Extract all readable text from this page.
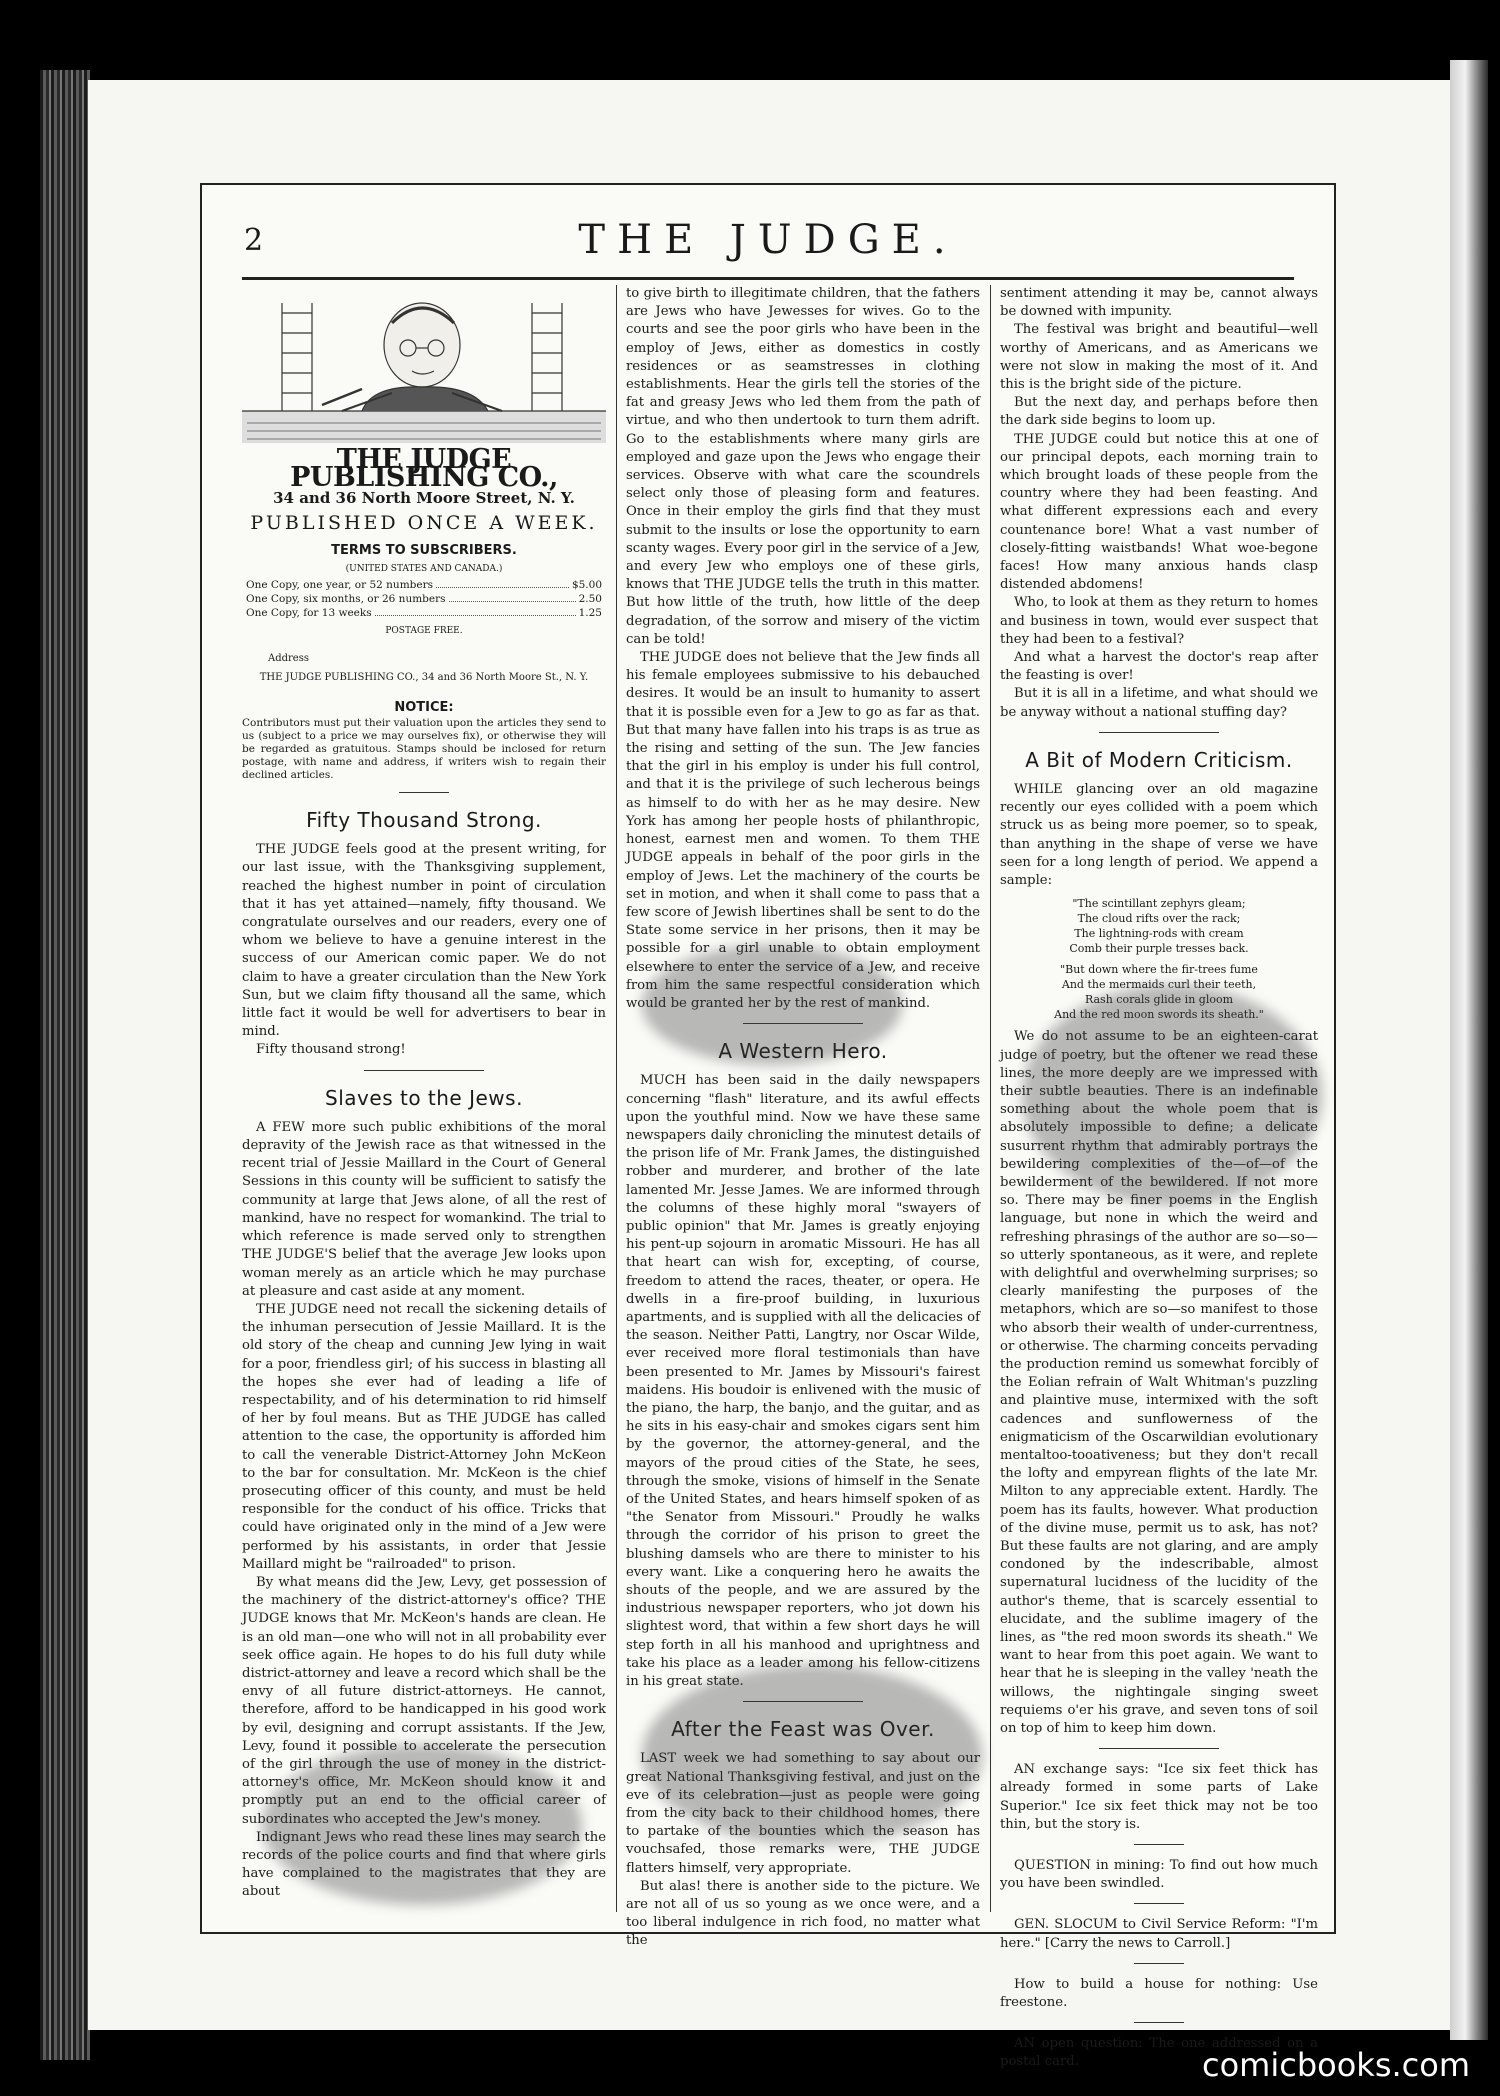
2	THE JUDGE.
THE JUDGE PUBLISHING CO.,
34 and 36 North Moore Street, N. Y.
PUBLISHED ONCE A WEEK.
TERMS TO SUBSCRIBERS.
(UNITED STATES AND CANADA.)
One Copy, one year, or 52 numbers	$5.00
One Copy, six months, or 26 numbers	2.50
One Copy, for 13 weeks	1.25
POSTAGE FREE.
Address
THE JUDGE PUBLISHING CO., 34 and 36 North Moore St., N. Y.
NOTICE:
Contributors must put their valuation upon the articles they send to us (subject to a price we may ourselves fix), or otherwise they will be regarded as gratuitous. Stamps should be inclosed for return postage, with name and address, if writers wish to regain their declined articles.
Fifty Thousand Strong.

THE JUDGE feels good at the present writing, for our last issue, with the Thanksgiving supplement, reached the highest number in point of circulation that it has yet attained—namely, fifty thousand. We congratulate ourselves and our readers, every one of whom we believe to have a genuine interest in the success of our American comic paper. We do not claim to have a greater circulation than the New York Sun, but we claim fifty thousand all the same, which little fact it would be well for advertisers to bear in mind.

Fifty thousand strong!

Slaves to the Jews.

A FEW more such public exhibitions of the moral depravity of the Jewish race as that witnessed in the recent trial of Jessie Maillard in the Court of General Sessions in this county will be sufficient to satisfy the community at large that Jews alone, of all the rest of mankind, have no respect for womankind. The trial to which reference is made served only to strengthen THE JUDGE'S belief that the average Jew looks upon woman merely as an article which he may purchase at pleasure and cast aside at any moment.

THE JUDGE need not recall the sickening details of the inhuman persecution of Jessie Maillard. It is the old story of the cheap and cunning Jew lying in wait for a poor, friendless girl; of his success in blasting all the hopes she ever had of leading a life of respectability, and of his determination to rid himself of her by foul means. But as THE JUDGE has called attention to the case, the opportunity is afforded him to call the venerable District-Attorney John McKeon to the bar for consultation. Mr. McKeon is the chief prosecuting officer of this county, and must be held responsible for the conduct of his office. Tricks that could have originated only in the mind of a Jew were performed by his assistants, in order that Jessie Maillard might be "railroaded" to prison.

By what means did the Jew, Levy, get possession of the machinery of the district-attorney's office? THE JUDGE knows that Mr. McKeon's hands are clean. He is an old man—one who will not in all probability ever seek office again. He hopes to do his full duty while district-attorney and leave a record which shall be the envy of all future district-attorneys. He cannot, therefore, afford to be handicapped in his good work by evil, designing and corrupt assistants. If the Jew, Levy, found it possible to accelerate the persecution of the girl through the use of money in the district-attorney's office, Mr. McKeon should know it and promptly put an end to the official career of subordinates who accepted the Jew's money.

Indignant Jews who read these lines may search the records of the police courts and find that where girls have complained to the magistrates that they are about

to give birth to illegitimate children, that the fathers are Jews who have Jewesses for wives. Go to the courts and see the poor girls who have been in the employ of Jews, either as domestics in costly residences or as seamstresses in clothing establishments. Hear the girls tell the stories of the fat and greasy Jews who led them from the path of virtue, and who then undertook to turn them adrift. Go to the establishments where many girls are employed and gaze upon the Jews who engage their services. Observe with what care the scoundrels select only those of pleasing form and features. Once in their employ the girls find that they must submit to the insults or lose the opportunity to earn scanty wages. Every poor girl in the service of a Jew, and every Jew who employs one of these girls, knows that THE JUDGE tells the truth in this matter. But how little of the truth, how little of the deep degradation, of the sorrow and misery of the victim can be told!

THE JUDGE does not believe that the Jew finds all his female employees submissive to his debauched desires. It would be an insult to humanity to assert that it is possible even for a Jew to go as far as that. But that many have fallen into his traps is as true as the rising and setting of the sun. The Jew fancies that the girl in his employ is under his full control, and that it is the privilege of such lecherous beings as himself to do with her as he may desire. New York has among her people hosts of philanthropic, honest, earnest men and women. To them THE JUDGE appeals in behalf of the poor girls in the employ of Jews. Let the machinery of the courts be set in motion, and when it shall come to pass that a few score of Jewish libertines shall be sent to do the State some service in her prisons, then it may be possible for a girl unable to obtain employment elsewhere to enter the service of a Jew, and receive from him the same respectful consideration which would be granted her by the rest of mankind.

A Western Hero.

MUCH has been said in the daily newspapers concerning "flash" literature, and its awful effects upon the youthful mind. Now we have these same newspapers daily chronicling the minutest details of the prison life of Mr. Frank James, the distinguished robber and murderer, and brother of the late lamented Mr. Jesse James. We are informed through the columns of these highly moral "swayers of public opinion" that Mr. James is greatly enjoying his pent-up sojourn in aromatic Missouri. He has all that heart can wish for, excepting, of course, freedom to attend the races, theater, or opera. He dwells in a fire-proof building, in luxurious apartments, and is supplied with all the delicacies of the season. Neither Patti, Langtry, nor Oscar Wilde, ever received more floral testimonials than have been presented to Mr. James by Missouri's fairest maidens. His boudoir is enlivened with the music of the piano, the harp, the banjo, and the guitar, and as he sits in his easy-chair and smokes cigars sent him by the governor, the attorney-general, and the mayors of the proud cities of the State, he sees, through the smoke, visions of himself in the Senate of the United States, and hears himself spoken of as "the Senator from Missouri." Proudly he walks through the corridor of his prison to greet the blushing damsels who are there to minister to his every want. Like a conquering hero he awaits the shouts of the people, and we are assured by the industrious newspaper reporters, who jot down his slightest word, that within a few short days he will step forth in all his manhood and uprightness and take his place as a leader among his fellow-citizens in his great state.

After the Feast was Over.

LAST week we had something to say about our great National Thanksgiving festival, and just on the eve of its celebration—just as people were going from the city back to their childhood homes, there to partake of the bounties which the season has vouchsafed, those remarks were, THE JUDGE flatters himself, very appropriate.

But alas! there is another side to the picture. We are not all of us so young as we once were, and a too liberal indulgence in rich food, no matter what the

sentiment attending it may be, cannot always be downed with impunity.

The festival was bright and beautiful—well worthy of Americans, and as Americans we were not slow in making the most of it. And this is the bright side of the picture.

But the next day, and perhaps before then the dark side begins to loom up.

THE JUDGE could but notice this at one of our principal depots, each morning train to which brought loads of these people from the country where they had been feasting. And what different expressions each and every countenance bore! What a vast number of closely-fitting waistbands! What woe-begone faces! How many anxious hands clasp distended abdomens!

Who, to look at them as they return to homes and business in town, would ever suspect that they had been to a festival?

And what a harvest the doctor's reap after the feasting is over!

But it is all in a lifetime, and what should we be anyway without a national stuffing day?

A Bit of Modern Criticism.

WHILE glancing over an old magazine recently our eyes collided with a poem which struck us as being more poemer, so to speak, than anything in the shape of verse we have seen for a long length of period. We append a sample:

"The scintillant zephyrs gleam;
The cloud rifts over the rack;
The lightning-rods with cream
Comb their purple tresses back.
"But down where the fir-trees fume
And the mermaids curl their teeth,
Rash corals glide in gloom
And the red moon swords its sheath."

We do not assume to be an eighteen-carat judge of poetry, but the oftener we read these lines, the more deeply are we impressed with their subtle beauties. There is an indefinable something about the whole poem that is absolutely impossible to define; a delicate susurrent rhythm that admirably portrays the bewildering complexities of the—of—of the bewilderment of the bewildered. If not more so. There may be finer poems in the English language, but none in which the weird and refreshing phrasings of the author are so—so—so utterly spontaneous, as it were, and replete with delightful and overwhelming surprises; so clearly manifesting the purposes of the metaphors, which are so—so manifest to those who absorb their wealth of under-currentness, or otherwise. The charming conceits pervading the production remind us somewhat forcibly of the Eolian refrain of Walt Whitman's puzzling and plaintive muse, intermixed with the soft cadences and sunflowerness of the enigmaticism of the Oscarwildian evolutionary mentaltoo-tooativeness; but they don't recall the lofty and empyrean flights of the late Mr. Milton to any appreciable extent. Hardly. The poem has its faults, however. What production of the divine muse, permit us to ask, has not? But these faults are not glaring, and are amply condoned by the indescribable, almost supernatural lucidness of the lucidity of the author's theme, that is scarcely essential to elucidate, and the sublime imagery of the lines, as "the red moon swords its sheath." We want to hear from this poet again. We want to hear that he is sleeping in the valley 'neath the willows, the nightingale singing sweet requiems o'er his grave, and seven tons of soil on top of him to keep him down.

AN exchange says: "Ice six feet thick has already formed in some parts of Lake Superior." Ice six feet thick may not be too thin, but the story is.

QUESTION in mining: To find out how much you have been swindled.

GEN. SLOCUM to Civil Service Reform: "I'm here." [Carry the news to Carroll.]

How to build a house for nothing: Use freestone.

AN open question: The one addressed on a postal card.	comicbooks.com
